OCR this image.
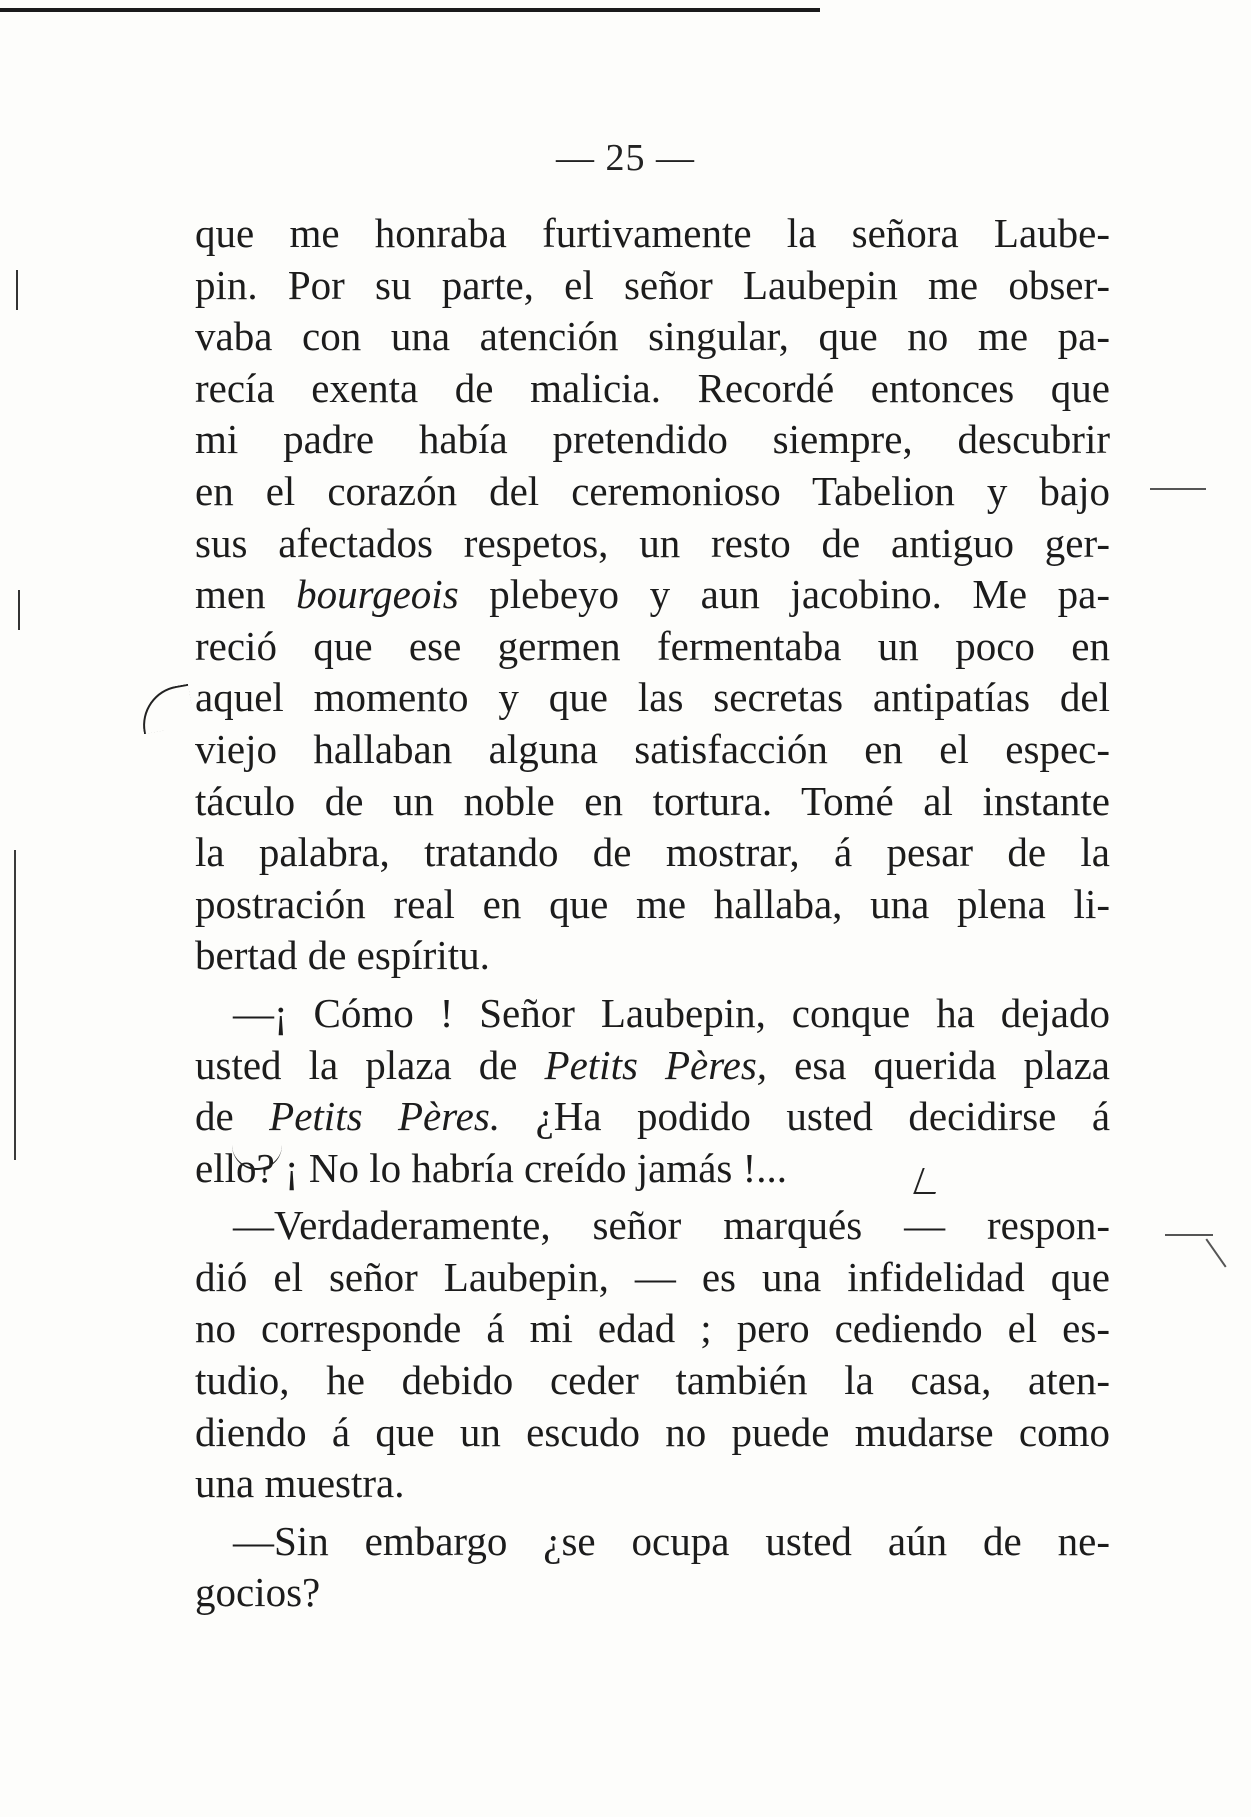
— 25 —

que me honraba furtivamente la señora Laube-
pin. Por su parte, el señor Laubepin me obser-
vaba con una atención singular, que no me pa-
recía exenta de malicia. Recordé entonces que
mi padre había pretendido siempre, descubrir
en el corazón del ceremonioso Tabelion y bajo
sus afectados respetos, un resto de antiguo ger-
men bourgeois plebeyo y aun jacobino. Me pa-
reció que ese germen fermentaba un poco en
aquel momento y que las secretas antipatías del
viejo hallaban alguna satisfacción en el espec-
táculo de un noble en tortura. Tomé al instante
la palabra, tratando de mostrar, á pesar de la
postración real en que me hallaba, una plena li-
bertad de espíritu.

—¡ Cómo ! Señor Laubepin, conque ha dejado
usted la plaza de Petits Pères, esa querida plaza
de Petits Pères. ¿Ha podido usted decidirse á
ello? ¡ No lo habría creído jamás !...

—Verdaderamente, señor marqués — respon-
dió el señor Laubepin, — es una infidelidad que
no corresponde á mi edad ; pero cediendo el es-
tudio, he debido ceder también la casa, aten-
diendo á que un escudo no puede mudarse como
una muestra.

—Sin embargo ¿se ocupa usted aún de ne-
gocios?
